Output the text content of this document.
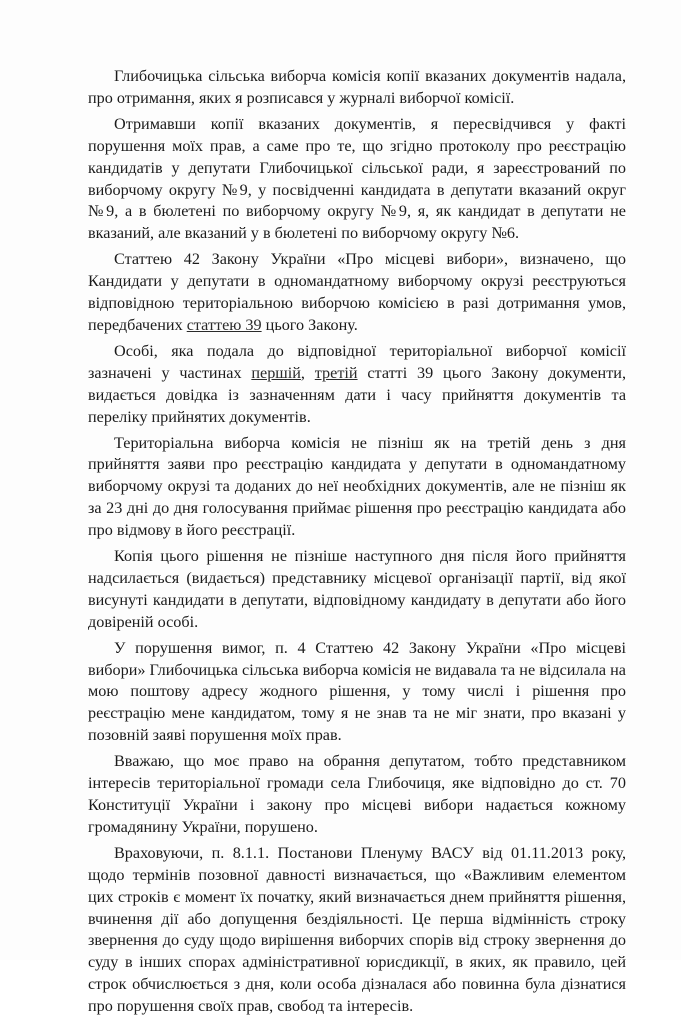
Глибочицька сільська виборча комісія копії вказаних документів надала, про отримання, яких я розписався у журналі виборчої комісії.

Отримавши копії вказаних документів, я пересвідчився у факті порушення моїх прав, а саме про те, що згідно протоколу про реєстрацію кандидатів у депутати Глибочицької сільської ради, я зареєстрований по виборчому округу №9, у посвідченні кандидата в депутати вказаний округ №9, а в бюлетені по виборчому округу №9, я, як кандидат в депутати не вказаний, але вказаний у в бюлетені по виборчому округу №6.

Статтею 42 Закону України «Про місцеві вибори», визначено, що Кандидати у депутати в одномандатному виборчому окрузі реєструються відповідною територіальною виборчою комісією в разі дотримання умов, передбачених статтею 39 цього Закону.

Особі, яка подала до відповідної територіальної виборчої комісії зазначені у частинах першій, третій статті 39 цього Закону документи, видається довідка із зазначенням дати і часу прийняття документів та переліку прийнятих документів.

Територіальна виборча комісія не пізніш як на третій день з дня прийняття заяви про реєстрацію кандидата у депутати в одномандатному виборчому окрузі та доданих до неї необхідних документів, але не пізніш як за 23 дні до дня голосування приймає рішення про реєстрацію кандидата або про відмову в його реєстрації.

Копія цього рішення не пізніше наступного дня після його прийняття надсилається (видається) представнику місцевої організації партії, від якої висунуті кандидати в депутати, відповідному кандидату в депутати або його довіреній особі.

У порушення вимог, п. 4 Статтею 42 Закону України «Про місцеві вибори» Глибочицька сільська виборча комісія не видавала та не відсилала на мою поштову адресу жодного рішення, у тому числі і рішення про реєстрацію мене кандидатом, тому я не знав та не міг знати, про вказані у позовній заяві порушення моїх прав.

Вважаю, що моє право на обрання депутатом, тобто представником інтересів територіальної громади села Глибочиця, яке відповідно до ст. 70 Конституції України і закону про місцеві вибори надається кожному громадянину України, порушено.

Враховуючи, п. 8.1.1. Постанови Пленуму ВАСУ від 01.11.2013 року, щодо термінів позовної давності визначається, що «Важливим елементом цих строків є момент їх початку, який визначається днем прийняття рішення, вчинення дії або допущення бездіяльності. Це перша відмінність строку звернення до суду щодо вирішення виборчих спорів від строку звернення до суду в інших спорах адміністративної юрисдикції, в яких, як правило, цей строк обчислюється з дня, коли особа дізналася або повинна була дізнатися про порушення своїх прав, свобод та інтересів.
